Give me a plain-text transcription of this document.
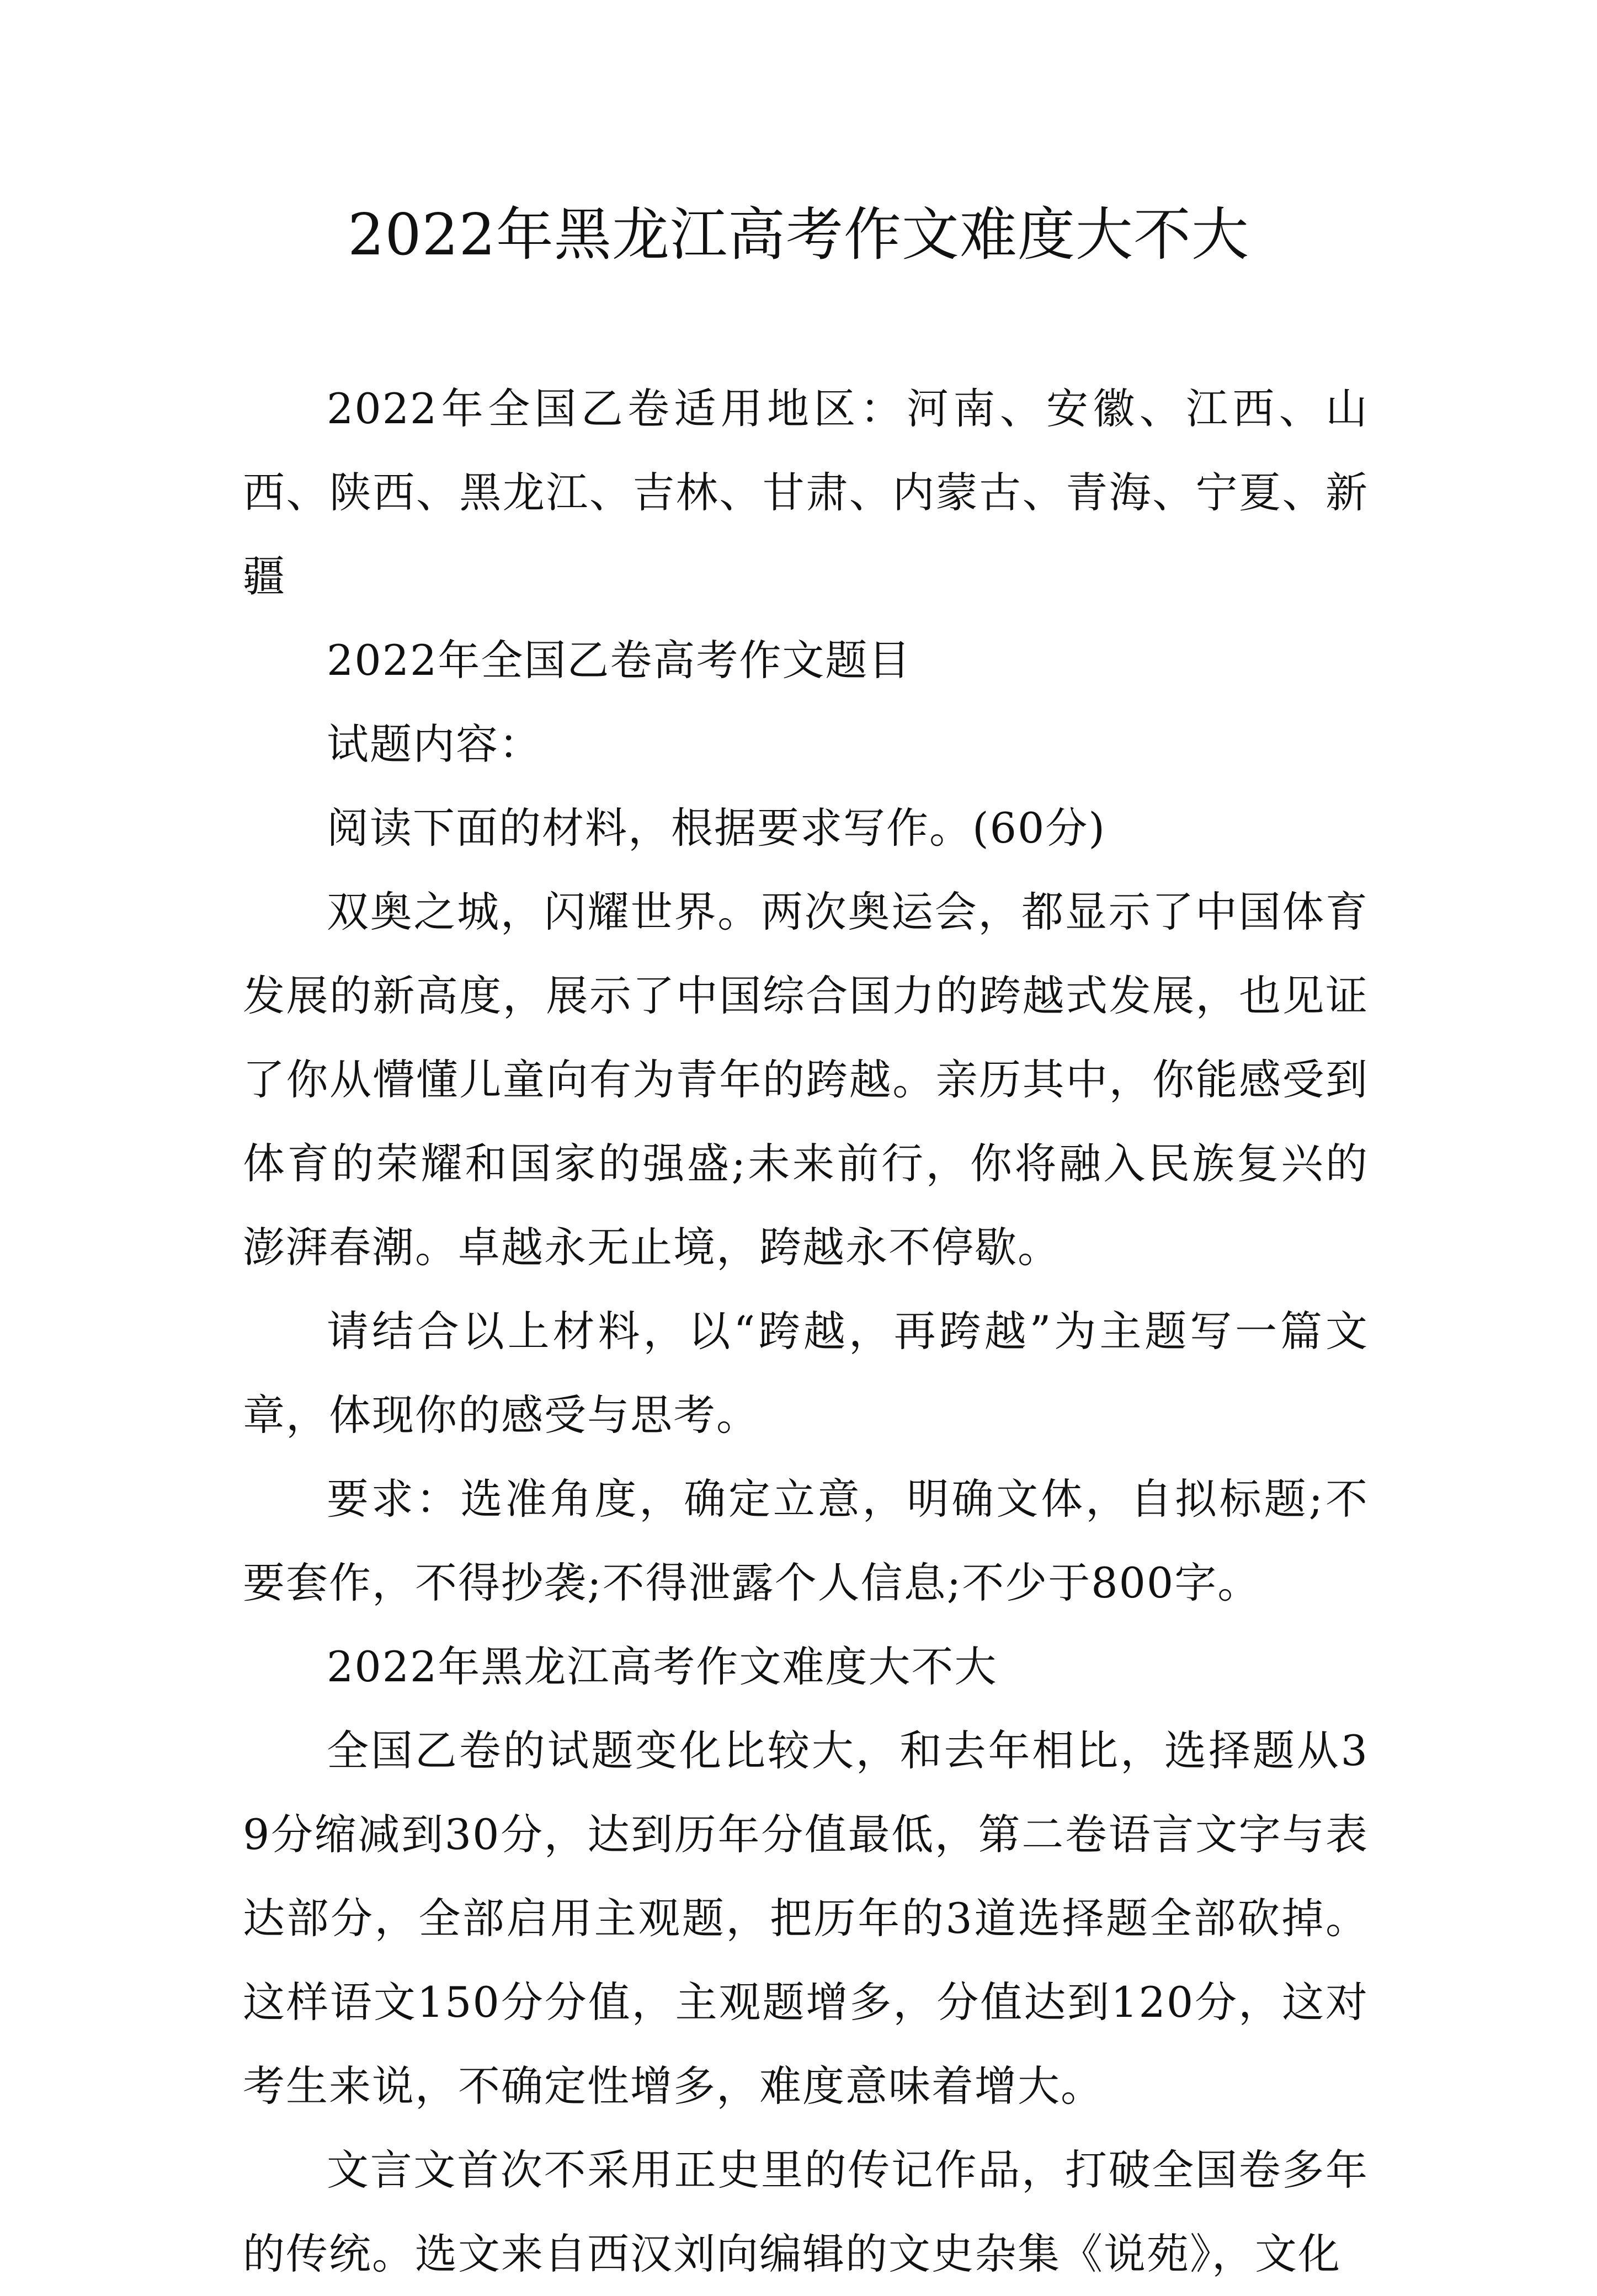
2022年黑龙江高考作文难度大不大

2022年全国乙卷适用地区：河南、安徽、江西、山西、陕西、黑龙江、吉林、甘肃、内蒙古、青海、宁夏、新疆

2022年全国乙卷高考作文题目

试题内容：

阅读下面的材料，根据要求写作。(60分)

双奥之城，闪耀世界。两次奥运会，都显示了中国体育发展的新高度，展示了中国综合国力的跨越式发展，也见证了你从懵懂儿童向有为青年的跨越。亲历其中，你能感受到体育的荣耀和国家的强盛;未来前行，你将融入民族复兴的澎湃春潮。卓越永无止境，跨越永不停歇。

请结合以上材料，以“跨越，再跨越”为主题写一篇文章，体现你的感受与思考。

要求：选准角度，确定立意，明确文体，自拟标题;不要套作，不得抄袭;不得泄露个人信息;不少于800字。

2022年黑龙江高考作文难度大不大

全国乙卷的试题变化比较大，和去年相比，选择题从39分缩减到30分，达到历年分值最低，第二卷语言文字与表达部分，全部启用主观题，把历年的3道选择题全部砍掉。这样语文150分分值，主观题增多，分值达到120分，这对考生来说，不确定性增多，难度意味着增大。

文言文首次不采用正史里的传记作品，打破全国卷多年的传统。选文来自西汉刘向编辑的文史杂集《说苑》，文化
